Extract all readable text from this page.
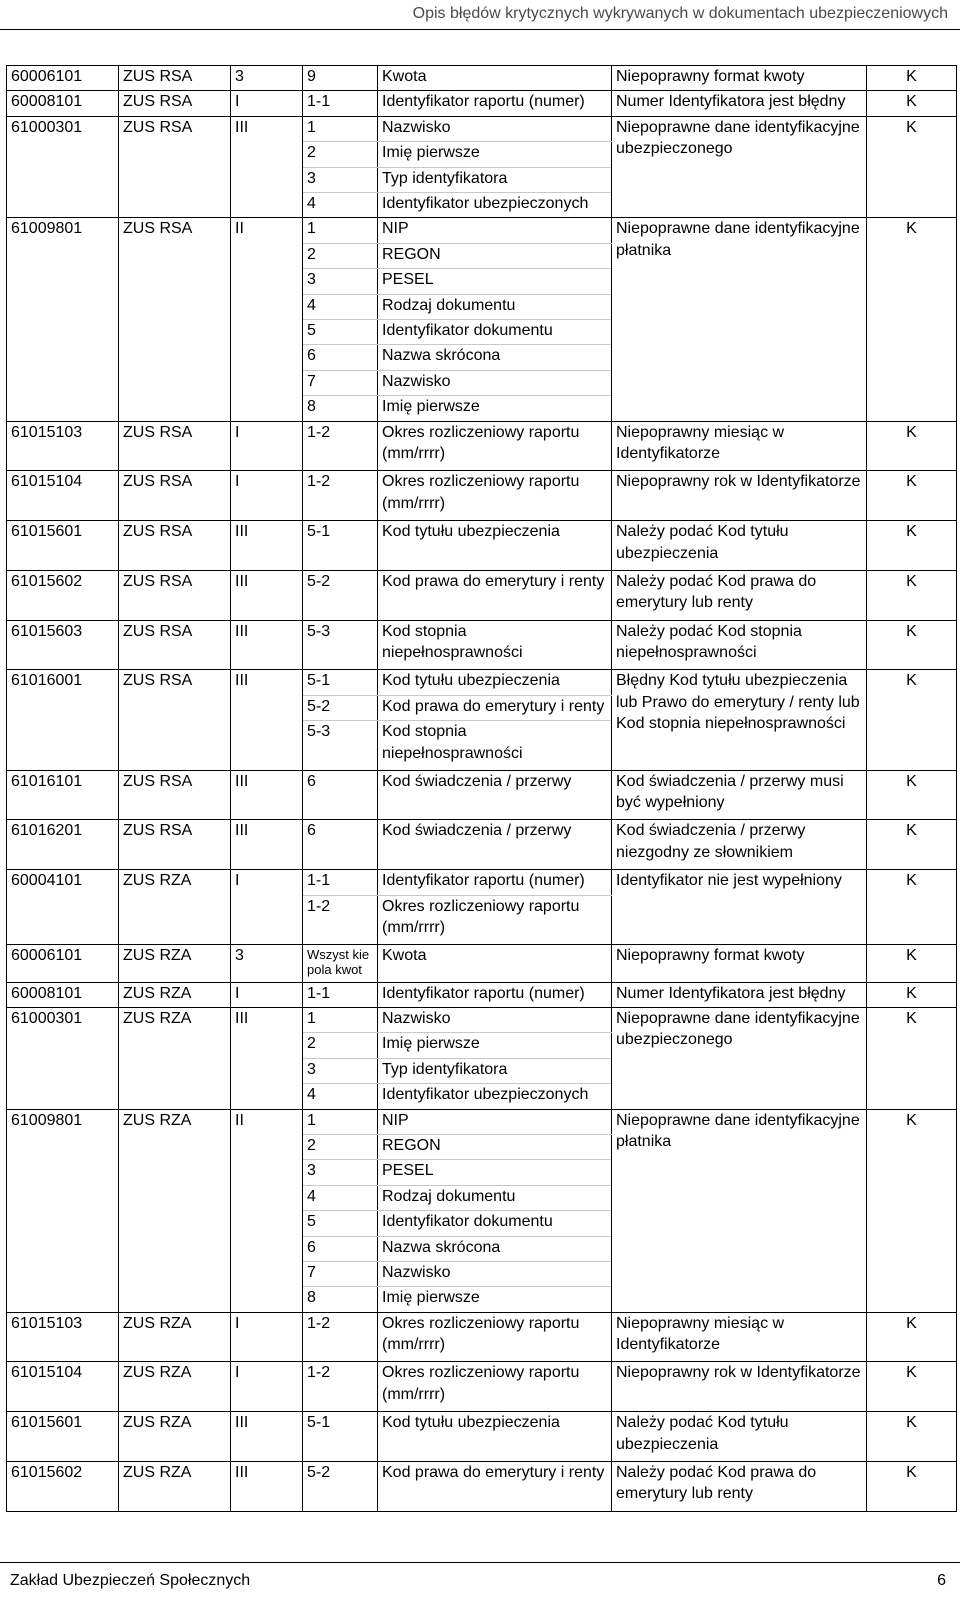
Opis błędów krytycznych wykrywanych w dokumentach ubezpieczeniowych
60006101	ZUS RSA	3	9	Kwota	Niepoprawny format kwoty	K
60008101	ZUS RSA	I	1-1	Identyfikator raportu (numer)	Numer Identyfikatora jest błędny	K
61000301	ZUS RSA	III	1	Nazwisko	Niepoprawne dane identyfikacyjne ubezpieczonego	K
			2	Imię pierwsze		
			3	Typ identyfikatora		
			4	Identyfikator ubezpieczonych		
61009801	ZUS RSA	II	1	NIP	Niepoprawne dane identyfikacyjne płatnika	K
			2	REGON		
			3	PESEL		
			4	Rodzaj dokumentu		
			5	Identyfikator dokumentu		
			6	Nazwa skrócona		
			7	Nazwisko		
			8	Imię pierwsze		
61015103	ZUS RSA	I	1-2	Okres rozliczeniowy raportu (mm/rrrr)	Niepoprawny miesiąc w Identyfikatorze	K
61015104	ZUS RSA	I	1-2	Okres rozliczeniowy raportu (mm/rrrr)	Niepoprawny rok w Identyfikatorze	K
61015601	ZUS RSA	III	5-1	Kod tytułu ubezpieczenia	Należy podać Kod tytułu ubezpieczenia	K
61015602	ZUS RSA	III	5-2	Kod prawa do emerytury i renty	Należy podać Kod prawa do emerytury lub renty	K
61015603	ZUS RSA	III	5-3	Kod stopnia niepełnosprawności	Należy podać Kod stopnia niepełnosprawności	K
61016001	ZUS RSA	III	5-1	Kod tytułu ubezpieczenia	Błędny Kod tytułu ubezpieczenia lub Prawo do emerytury / renty lub Kod stopnia niepełnosprawności	K
			5-2	Kod prawa do emerytury i renty		
			5-3	Kod stopnia niepełnosprawności		
61016101	ZUS RSA	III	6	Kod świadczenia / przerwy	Kod świadczenia / przerwy musi być wypełniony	K
61016201	ZUS RSA	III	6	Kod świadczenia / przerwy	Kod świadczenia / przerwy niezgodny ze słownikiem	K
60004101	ZUS RZA	I	1-1	Identyfikator raportu (numer)	Identyfikator nie jest wypełniony	K
			1-2	Okres rozliczeniowy raportu (mm/rrrr)		
60006101	ZUS RZA	3	Wszyst kie pola kwot	Kwota	Niepoprawny format kwoty	K
60008101	ZUS RZA	I	1-1	Identyfikator raportu (numer)	Numer Identyfikatora jest błędny	K
61000301	ZUS RZA	III	1	Nazwisko	Niepoprawne dane identyfikacyjne ubezpieczonego	K
			2	Imię pierwsze		
			3	Typ identyfikatora		
			4	Identyfikator ubezpieczonych		
61009801	ZUS RZA	II	1	NIP	Niepoprawne dane identyfikacyjne płatnika	K
			2	REGON		
			3	PESEL		
			4	Rodzaj dokumentu		
			5	Identyfikator dokumentu		
			6	Nazwa skrócona		
			7	Nazwisko		
			8	Imię pierwsze		
61015103	ZUS RZA	I	1-2	Okres rozliczeniowy raportu (mm/rrrr)	Niepoprawny miesiąc w Identyfikatorze	K
61015104	ZUS RZA	I	1-2	Okres rozliczeniowy raportu (mm/rrrr)	Niepoprawny rok w Identyfikatorze	K
61015601	ZUS RZA	III	5-1	Kod tytułu ubezpieczenia	Należy podać Kod tytułu ubezpieczenia	K
61015602	ZUS RZA	III	5-2	Kod prawa do emerytury i renty	Należy podać Kod prawa do emerytury lub renty	K
Zakład Ubezpieczeń Społecznych	6
